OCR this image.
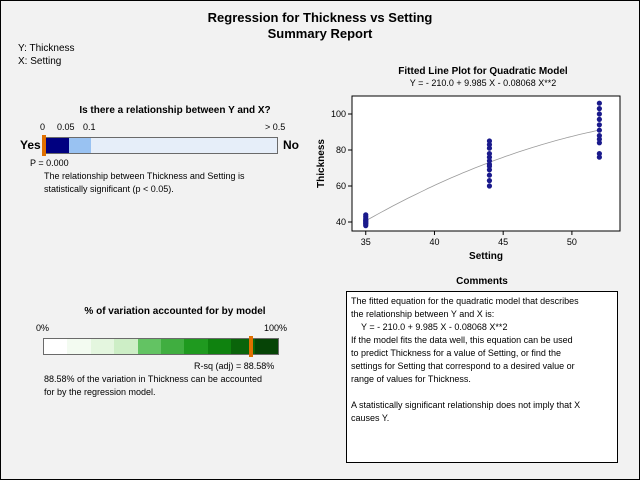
Regression for Thickness vs Setting
Summary Report
Y: Thickness
X: Setting
Is there a relationship between Y and X?
0 0.05 0.1	> 0.5
Yes	No
P = 0.000
The relationship between Thickness and Setting is
statistically significant (p < 0.05).
% of variation accounted for by model
0%	100%
R-sq (adj) = 88.58%
88.58% of the variation in Thickness can be accounted
for by the regression model.
Fitted Line Plot for Quadratic Model
Y = - 210.0 + 9.985 X - 0.08068 X**2
40
60
80
100
35	40	45	50
Setting
Thickness
Comments

The fitted equation for the quadratic model that describes

the relationship between Y and X is:

Y = - 210.0 + 9.985 X - 0.08068 X**2

If the model fits the data well, this equation can be used

to predict Thickness for a value of Setting, or find the

settings for Setting that correspond to a desired value or

range of values for Thickness.

A statistically significant relationship does not imply that X

causes Y.
